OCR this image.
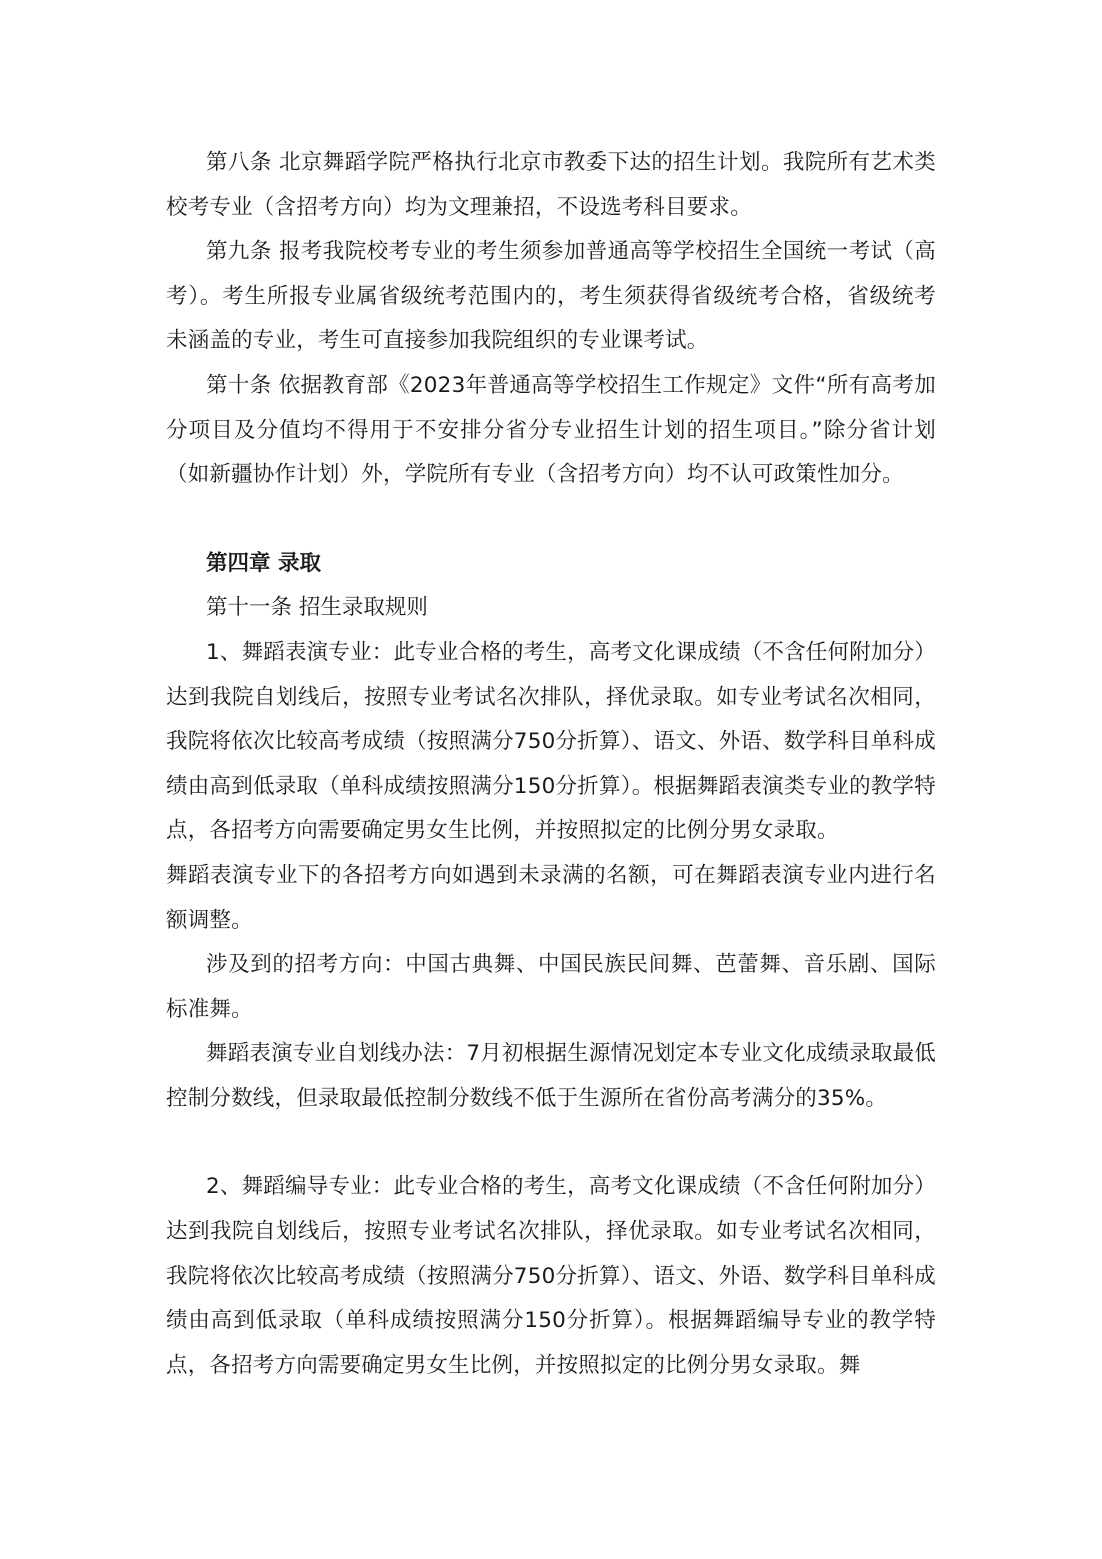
第八条 北京舞蹈学院严格执行北京市教委下达的招生计划。我院所有艺术类校考专业（含招考方向）均为文理兼招，不设选考科目要求。

第九条 报考我院校考专业的考生须参加普通高等学校招生全国统一考试（高考）。考生所报专业属省级统考范围内的，考生须获得省级统考合格，省级统考未涵盖的专业，考生可直接参加我院组织的专业课考试。

第十条 依据教育部《2023年普通高等学校招生工作规定》文件“所有高考加分项目及分值均不得用于不安排分省分专业招生计划的招生项目。”除分省计划（如新疆协作计划）外，学院所有专业（含招考方向）均不认可政策性加分。

第四章 录取

第十一条 招生录取规则

1、舞蹈表演专业：此专业合格的考生，高考文化课成绩（不含任何附加分）达到我院自划线后，按照专业考试名次排队，择优录取。如专业考试名次相同，我院将依次比较高考成绩（按照满分750分折算）、语文、外语、数学科目单科成绩由高到低录取（单科成绩按照满分150分折算）。根据舞蹈表演类专业的教学特点，各招考方向需要确定男女生比例，并按照拟定的比例分男女录取。

舞蹈表演专业下的各招考方向如遇到未录满的名额，可在舞蹈表演专业内进行名额调整。

涉及到的招考方向：中国古典舞、中国民族民间舞、芭蕾舞、音乐剧、国际标准舞。

舞蹈表演专业自划线办法：7月初根据生源情况划定本专业文化成绩录取最低控制分数线，但录取最低控制分数线不低于生源所在省份高考满分的35%。

2、舞蹈编导专业：此专业合格的考生，高考文化课成绩（不含任何附加分）达到我院自划线后，按照专业考试名次排队，择优录取。如专业考试名次相同，我院将依次比较高考成绩（按照满分750分折算）、语文、外语、数学科目单科成绩由高到低录取（单科成绩按照满分150分折算）。根据舞蹈编导专业的教学特点，各招考方向需要确定男女生比例，并按照拟定的比例分男女录取。舞
